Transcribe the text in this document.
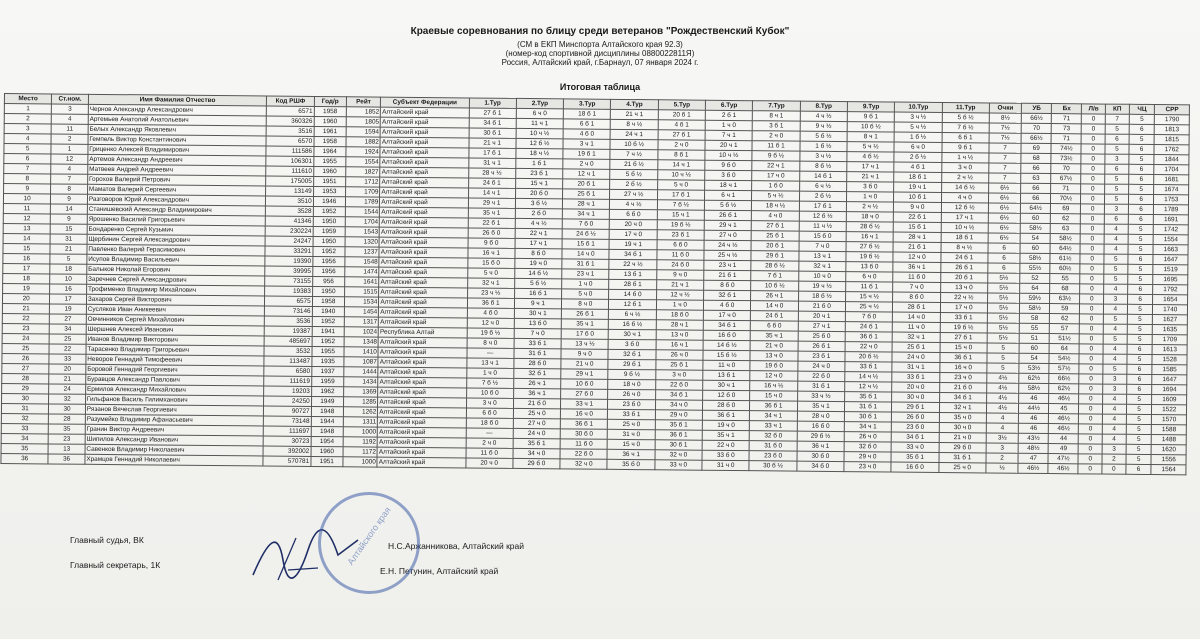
Краевые соревнования по блицу среди ветеранов "Рождественский Кубок"
(СМ в ЕКП Минспорта Алтайского края 92.3)
(номер-код спортивной дисциплины 0880022811Я)
Россия, Алтайский край, г.Барнаул, 07 января 2024 г.
Итоговая таблица
Место	Ст.ном.	Имя Фамилия Отчество	Код РШФ	Год/р	Рейт	Субъект Федерации	1.Тур	2.Тур	3.Тур	4.Тур	5.Тур	6.Тур	7.Тур	8.Тур	9.Тур	10.Тур	11.Тур	Очки	УБ	Бх	Л/в	КП	ЧЦ	СРР
1	3	Чернов Александр Александрович	6571	1958	1852	Алтайский край	27 б 1	6 ч 0	18 б 1	21 ч 1	20 б 1	2 б 1	8 ч 1	4 ч ½	9 б 1	3 ч ½	5 б ½	8½	66½	71	0	7	5	1790
2	4	Артемьев Анатолий Анатольевич	360326	1960	1805	Алтайский край	34 б 1	11 ч 1	6 б 1	8 ч ½	4 б 1	1 ч 0	3 б 1	9 ч ½	10 б ½	5 ч ½	7 б ½	7½	70	73	0	5	6	1813
3	11	Белых Александр Яковлевич	3516	1961	1594	Алтайский край	30 б 1	10 ч ½	4 б 0	24 ч 1	27 б 1	7 ч 1	2 ч 0	5 б ½	8 ч 1	1 б ½	6 б 1	7½	66½	71	0	6	5	1815
4	2	Гемпель Виктор Константинович	6570	1958	1882	Алтайский край	21 ч 1	12 б ½	3 ч 1	10 б ½	2 ч 0	20 ч 1	11 б 1	1 б ½	5 ч ½	6 ч 0	9 б 1	7	69	74½	0	5	6	1762
5	1	Гриценко Алексей Владимирович	111586	1964	1924	Алтайский край	17 б 1	18 ч ½	19 б 1	7 ч ½	8 б 1	10 ч ½	9 б ½	3 ч ½	4 б ½	2 б ½	1 ч ½	7	68	73½	0	3	5	1844
6	12	Артемов Александр Андреевич	106301	1955	1554	Алтайский край	31 ч 1	1 б 1	2 ч 0	21 б ½	14 ч 1	9 б 0	22 ч 1	8 б ½	17 ч 1	4 б 1	3 ч 0	7	66	70	0	6	6	1704
7	4	Матвеев Андрей Андреевич	111610	1960	1827	Алтайский край	28 ч ½	23 б 1	12 ч 1	5 б ½	10 ч ½	3 б 0	17 ч 0	14 б 1	21 ч 1	18 б 1	2 ч ½	7	63	67½	0	5	6	1681
8	7	Горохов Валерий Петрович	175005	1951	1712	Алтайский край	24 б 1	15 ч 1	20 б 1	2 б ½	5 ч 0	18 ч 1	1 б 0	6 ч ½	3 б 0	19 ч 1	14 б ½	6½	66	71	0	5	5	1674
9	8	Маматов Валерий Сергеевич	13149	1953	1709	Алтайский край	14 ч 1	20 б 0	25 б 1	27 ч ½	17 б 1	6 ч 1	5 ч ½	2 б ½	1 ч 0	10 б 1	4 ч 0	6½	66	70½	0	5	6	1753
10	9	Разговоров Юрий Александрович	3510	1946	1789	Алтайский край	29 ч 1	3 б ½	28 ч 1	4 ч ½	7 б ½	5 б ½	18 ч ½	17 б 1	2 ч ½	9 ч 0	12 б ½	6½	64½	69	0	3	6	1789
11	14	Станишевский Александр Владимирович	3528	1952	1544	Алтайский край	35 ч 1	2 б 0	34 ч 1	6 б 0	15 ч 1	26 б 1	4 ч 0	12 б ½	18 ч 0	22 б 1	17 ч 1	6½	60	62	0	6	6	1691
12	9	Ярошенко Василий Григорьевич	41346	1950	1704	Алтайский край	22 б 1	4 ч ½	7 б 0	20 ч 0	19 б ½	29 ч 1	27 б 1	11 ч ½	28 б ½	15 б 1	10 ч ½	6½	58½	63	0	4	5	1742
13	15	Бондаренко Сергей Кузьмич	230224	1959	1543	Алтайский край	26 б 0	22 ч 1	24 б ½	17 ч 0	23 б 1	27 ч 0	25 б 1	15 б 0	16 ч 1	28 ч 1	18 б 1	6½	54	58½	0	4	5	1554
14	31	Щербинин Сергей Александрович	24247	1950	1320	Алтайский край	9 б 0	17 ч 1	15 б 1	19 ч 1	6 б 0	24 ч ½	20 б 1	7 ч 0	27 б ½	21 б 1	8 ч ½	6	60	64½	0	4	5	1663
15	21	Павленко Валерий Герасимович	33291	1952	1237	Алтайский край	16 ч 1	8 б 0	14 ч 0	34 б 1	11 б 0	25 ч ½	29 б 1	13 ч 1	19 б ½	12 ч 0	24 б 1	6	58½	61½	0	5	6	1647
16	5	Исупов Владимир Васильевич	19390	1956	1548	Алтайский край	15 б 0	19 ч 0	31 б 1	22 ч ½	24 б 0	23 ч 1	28 б ½	32 ч 1	13 б 0	36 ч 1	26 б 1	6	55½	60½	0	5	5	1519
17	18	Балыков Николай Егорович	39995	1956	1474	Алтайский край	5 ч 0	14 б ½	23 ч 1	13 б 1	9 ч 0	21 б 1	7 б 1	10 ч 0	6 ч 0	11 б 0	20 б 1	5½	52	55	0	5	5	1695
18	10	Заречнев Сергей Александрович	73155	956	1641	Алтайский край	32 ч 1	5 б ½	1 ч 0	28 б 1	21 ч 1	8 б 0	10 б ½	19 ч ½	11 б 1	7 ч 0	13 ч 0	5½	64	68	0	4	6	1792
19	16	Трофименко Владимир Михайлович	19383	1950	1515	Алтайский край	23 ч ½	16 б 1	5 ч 0	14 б 0	12 ч ½	32 б 1	26 ч 1	18 б ½	15 ч ½	8 б 0	22 ч ½	5½	59½	63½	0	3	6	1654
20	17	Захаров Сергей Викторович	6575	1958	1534	Алтайский край	36 б 1	9 ч 1	8 ч 0	12 б 1	1 ч 0	4 б 0	14 ч 0	21 б 0	25 ч ½	28 б 1	17 ч 0	5½	58½	59	0	4	5	1740
21	19	Сусляков Иван Аникеевич	73146	1940	1454	Алтайский край	4 б 0	30 ч 1	26 б 1	6 ч ½	18 б 0	17 ч 0	24 б 1	20 ч 1	7 б 0	14 ч 0	33 б 1	5½	58	62	0	5	5	1627
22	27	Овчинников Сергей Михайлович	3536	1952	1317	Алтайский край	12 ч 0	13 б 0	35 ч 1	16 б ½	28 ч 1	34 б 1	6 б 0	27 ч 1	24 б 1	11 ч 0	19 б ½	5½	55	57	0	4	5	1635
23	34	Шершнев Алексей Иванович	19387	1941	1024	Республика Алтай	19 б ½	7 ч 0	17 б 0	30 ч 1	13 ч 0	16 б 0	35 ч 1	25 б 0	36 б 1	32 ч 1	27 б 1	5½	51	51½	0	5	5	1709
24	25	Иванов Владимир Викторович	485697	1952	1348	Алтайский край	8 ч 0	33 б 1	13 ч ½	3 б 0	16 ч 1	14 б ½	21 ч 0	26 б 1	22 ч 0	25 б 1	15 ч 0	5	60	64	0	4	6	1613
25	22	Тарасенко Владимир Григорьевич	3532	1955	1410	Алтайский край	—	31 б 1	9 ч 0	32 б 1	26 ч 0	15 б ½	13 ч 0	23 б 1	20 б ½	24 ч 0	36 б 1	5	54	54½	0	4	5	1528
26	33	Неворов Геннадий Тимофеевич	113487	1935	1087	Алтайский край	13 ч 1	28 б 0	21 ч 0	29 б 1	25 б 1	11 ч 0	19 б 0	24 ч 0	33 б 1	31 ч 1	16 ч 0	5	53½	57½	0	5	6	1585
27	20	Боровой Геннадий Георгиевич	6580	1937	1444	Алтайский край	1 ч 0	32 б 1	29 ч 1	9 б ½	3 ч 0	13 б 1	12 ч 0	22 б 0	14 ч ½	33 б 1	23 ч 0	4½	62½	66½	0	3	6	1647
28	21	Буравцов Александр Павлович	111619	1959	1434	Алтайский край	7 б ½	26 ч 1	10 б 0	18 ч 0	22 б 0	30 ч 1	16 ч ½	31 б 1	12 ч ½	20 ч 0	21 б 0	4½	58½	62½	0	3	6	1694
29	24	Ермилов Александр Михайлович	19203	1962	1369	Алтайский край	10 б 0	36 ч 1	27 б 0	26 ч 0	34 б 1	12 б 0	15 ч 0	33 ч ½	35 б 1	30 ч 0	34 б 1	4½	46	46½	0	4	5	1609
30	32	Гильфанов Василь Гилимханович	24250	1949	1285	Алтайский край	3 ч 0	21 б 0	33 ч 1	23 б 0	34 ч 0	28 б 0	36 б 1	35 ч 1	31 б 1	29 б 1	32 ч 1	4½	44½	45	0	4	5	1522
31	30	Рязанов Вячеслав Георгиевич	90727	1948	1262	Алтайский край	6 б 0	25 ч 0	16 ч 0	33 б 1	29 ч 0	36 б 1	34 ч 1	28 ч 0	30 б 1	26 б 0	35 ч 0	4	46	46½	0	4	5	1570
32	28	Разумейко Владимир Афанасьевич	73148	1944	1311	Алтайский край	18 б 0	27 ч 0	36 б 1	25 ч 0	35 б 1	19 ч 0	33 ч 1	16 б 0	34 ч 1	23 б 0	30 ч 0	4	46	46½	0	4	5	1588
33	35	Гранин Виктор Андреевич	111697	1948	1000	Алтайский край	—	24 ч 0	30 б 0	31 ч 0	36 б 1	35 ч 1	32 б 0	29 б ½	26 ч 0	34 б 1	21 ч 0	3½	43½	44	0	4	5	1488
34	23	Шипилов Александр Иванович	30723	1954	1192	Алтайский край	2 ч 0	35 б 1	11 б 0	15 ч 0	30 б 1	22 ч 0	31 б 0	36 ч 1	32 б 0	33 ч 0	29 б 0	3	48½	49	0	3	5	1620
35	13	Савенков Владимир Николаевич	392002	1960	1172	Алтайский край	11 б 0	34 ч 0	22 б 0	36 ч 1	32 ч 0	33 б 0	23 б 0	30 б 0	29 ч 0	35 б 1	31 б 1	2	47	47½	0	2	5	1556
36	36	Храмцов Геннадий Николаевич	570781	1951	1000	Алтайский край	20 ч 0	29 б 0	32 ч 0	35 б 0	33 ч 0	31 ч 0	30 б ½	34 б 0	23 ч 0	16 б 0	25 ч 0	½	46½	46½	0	0	6	1564
Главный судья, ВК
Н.С.Аржанникова, Алтайский край
Главный секретарь, 1К
Е.Н. Петунин, Алтайский край
Алтайского края
